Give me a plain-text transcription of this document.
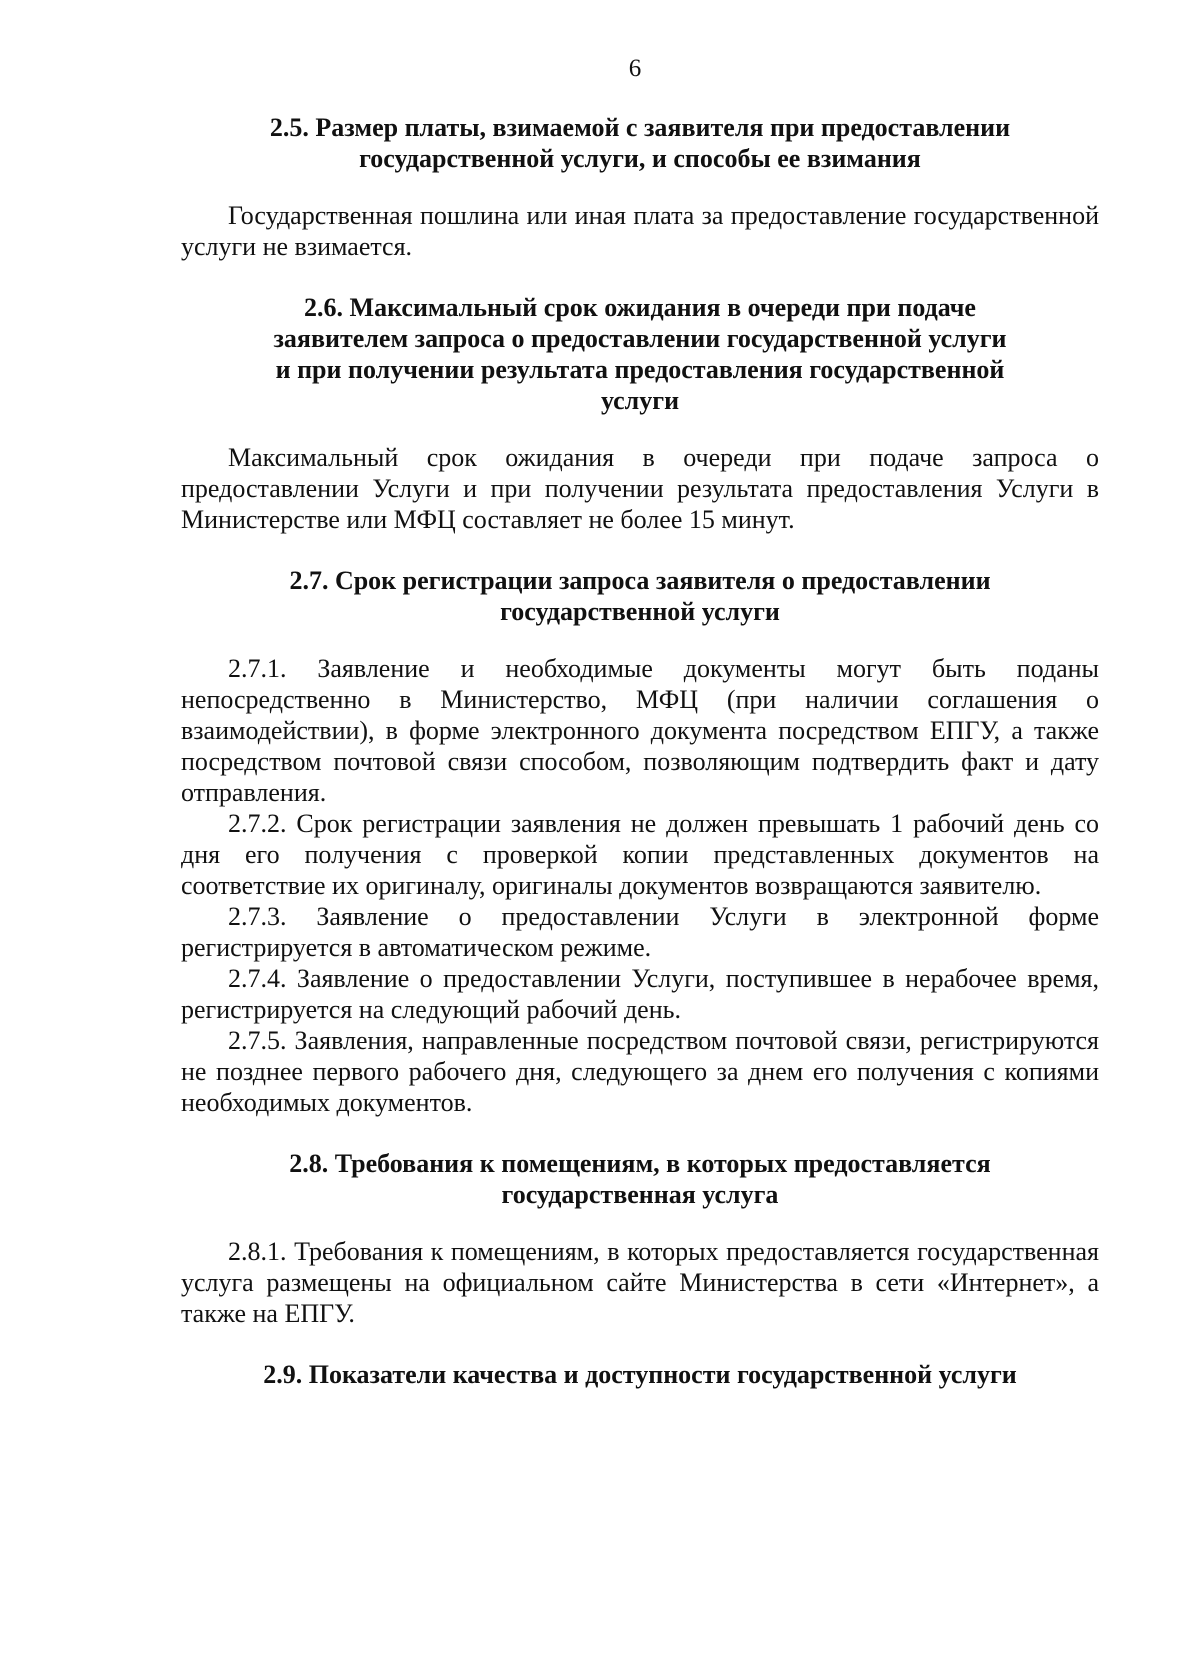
6
2.5. Размер платы, взимаемой с заявителя при предоставлении
государственной услуги, и способы ее взимания

Государственная пошлина или иная плата за предоставление государственной услуги не взимается.

2.6. Максимальный срок ожидания в очереди при подаче
заявителем запроса о предоставлении государственной услуги
и при получении результата предоставления государственной
услуги

Максимальный срок ожидания в очереди при подаче запроса о предоставлении Услуги и при получении результата предоставления Услуги в Министерстве или МФЦ составляет не более 15 минут.

2.7. Срок регистрации запроса заявителя о предоставлении
государственной услуги

2.7.1. Заявление и необходимые документы могут быть поданы непосредственно в Министерство, МФЦ (при наличии соглашения о взаимодействии), в форме электронного документа посредством ЕПГУ, а также посредством почтовой связи способом, позволяющим подтвердить факт и дату отправления.

2.7.2. Срок регистрации заявления не должен превышать 1 рабочий день со дня его получения с проверкой копии представленных документов на соответствие их оригиналу, оригиналы документов возвращаются заявителю.

2.7.3. Заявление о предоставлении Услуги в электронной форме регистрируется в автоматическом режиме.

2.7.4. Заявление о предоставлении Услуги, поступившее в нерабочее время, регистрируется на следующий рабочий день.

2.7.5. Заявления, направленные посредством почтовой связи, регистрируются не позднее первого рабочего дня, следующего за днем его получения с копиями необходимых документов.

2.8. Требования к помещениям, в которых предоставляется
государственная услуга

2.8.1. Требования к помещениям, в которых предоставляется государственная услуга размещены на официальном сайте Министерства в сети «Интернет», а также на ЕПГУ.

2.9. Показатели качества и доступности государственной услуги
